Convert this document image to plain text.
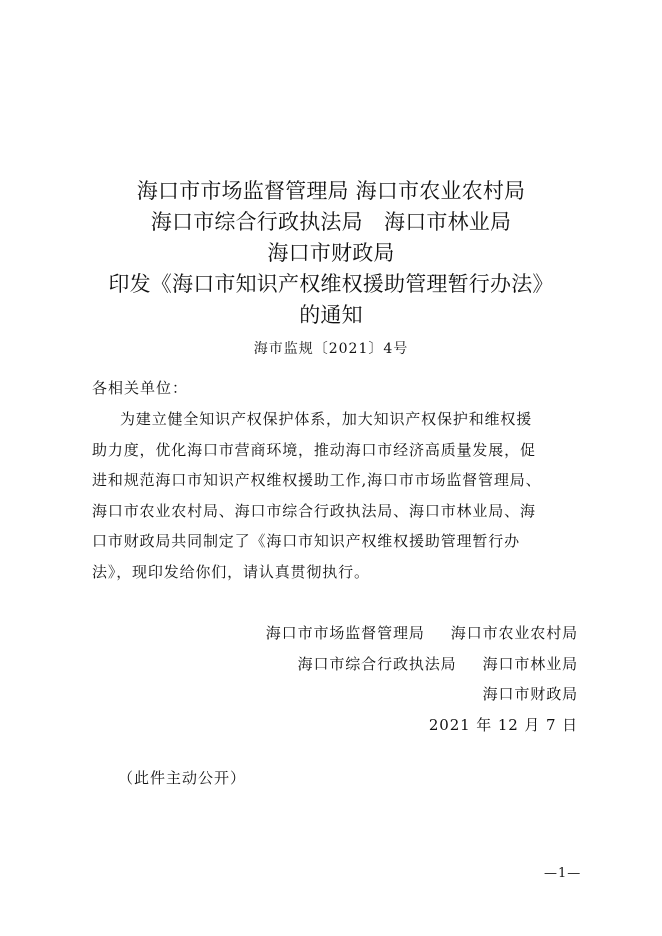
海口市市场监督管理局 海口市农业农村局
海口市综合行政执法局　海口市林业局
海口市财政局
印发《海口市知识产权维权援助管理暂行办法》
的通知
海市监规〔2021〕4号
各相关单位：
为建立健全知识产权保护体系，加大知识产权保护和维权援
助力度，优化海口市营商环境，推动海口市经济高质量发展，促
进和规范海口市知识产权维权援助工作,海口市市场监督管理局、
海口市农业农村局、海口市综合行政执法局、海口市林业局、海
口市财政局共同制定了《海口市知识产权维权援助管理暂行办
法》，现印发给你们，请认真贯彻执行。
海口市市场监督管理局 海口市农业农村局
海口市综合行政执法局 海口市林业局
海口市财政局
2021 年 12 月 7 日
（此件主动公开）
—1—
